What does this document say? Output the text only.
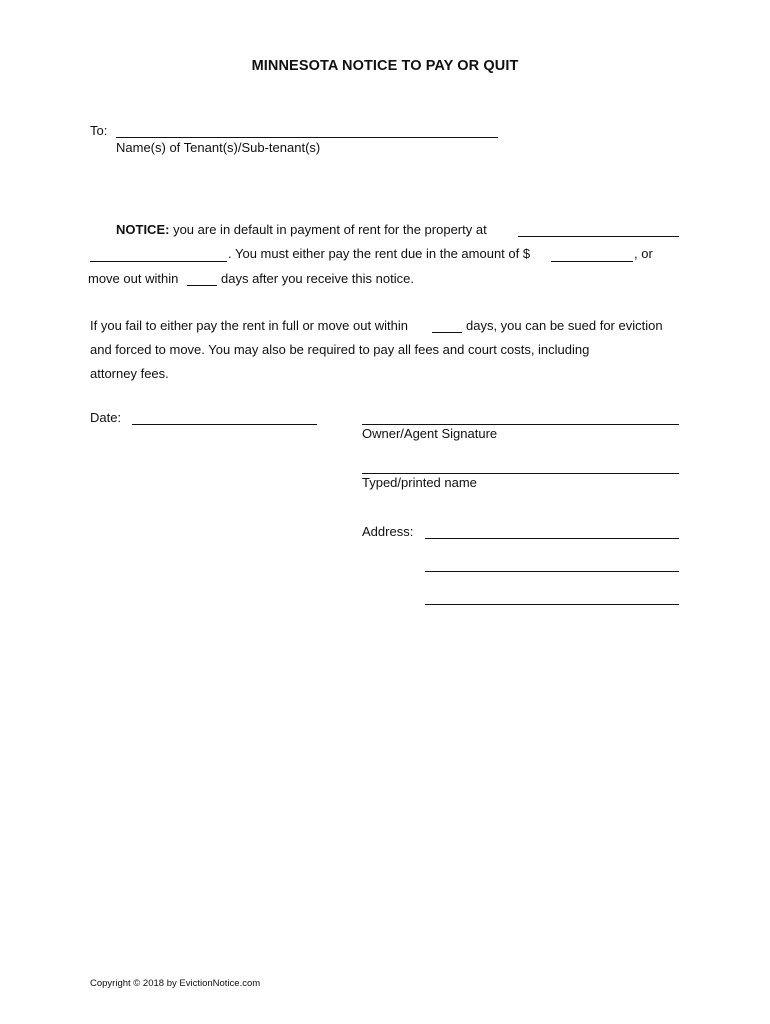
MINNESOTA NOTICE TO PAY OR QUIT
To:
Name(s) of Tenant(s)/Sub-tenant(s)
NOTICE: you are in default in payment of rent for the property at
. You must either pay the rent due in the amount of $	, or
move out within	days after you receive this notice.
If you fail to either pay the rent in full or move out within	days, you can be sued for eviction
and forced to move. You may also be required to pay all fees and court costs, including
attorney fees.
Date:
Owner/Agent Signature
Typed/printed name
Address:
Copyright © 2018 by EvictionNotice.com
